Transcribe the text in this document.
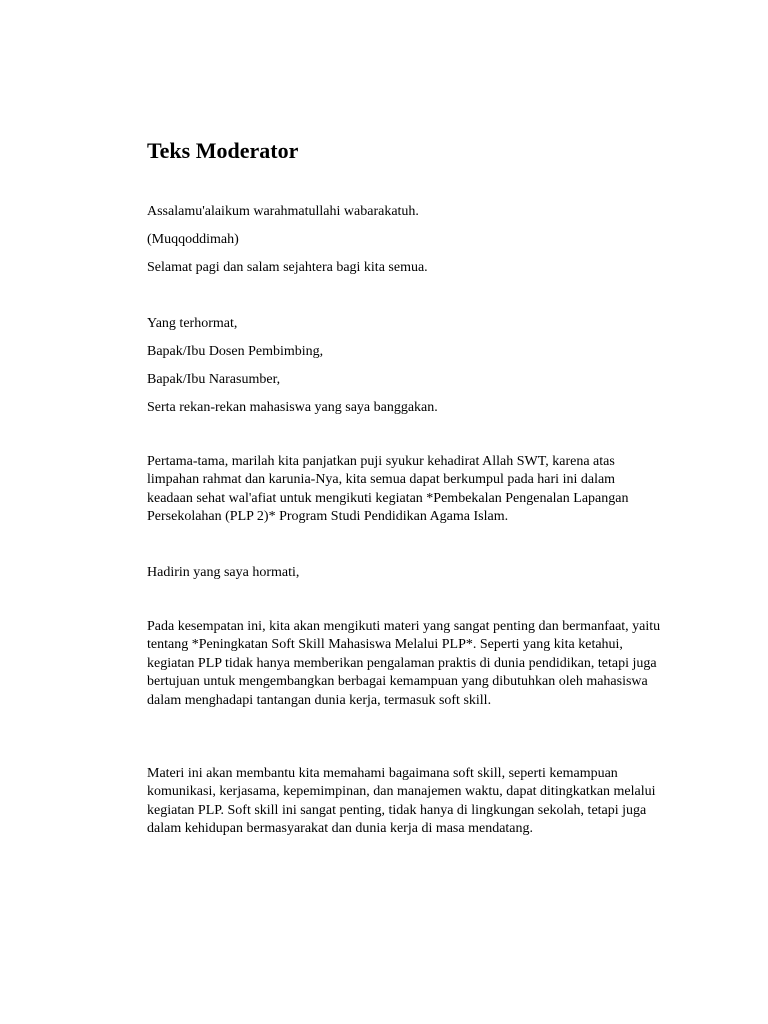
Teks Moderator

Assalamu'alaikum warahmatullahi wabarakatuh.

(Muqqoddimah)

Selamat pagi dan salam sejahtera bagi kita semua.

Yang terhormat,

Bapak/Ibu Dosen Pembimbing,

Bapak/Ibu Narasumber,

Serta rekan-rekan mahasiswa yang saya banggakan.

Pertama-tama, marilah kita panjatkan puji syukur kehadirat Allah SWT, karena atas limpahan rahmat dan karunia-Nya, kita semua dapat berkumpul pada hari ini dalam keadaan sehat wal'afiat untuk mengikuti kegiatan *Pembekalan Pengenalan Lapangan Persekolahan (PLP 2)* Program Studi Pendidikan Agama Islam.

Hadirin yang saya hormati,

Pada kesempatan ini, kita akan mengikuti materi yang sangat penting dan bermanfaat, yaitu tentang *Peningkatan Soft Skill Mahasiswa Melalui PLP*. Seperti yang kita ketahui, kegiatan PLP tidak hanya memberikan pengalaman praktis di dunia pendidikan, tetapi juga bertujuan untuk mengembangkan berbagai kemampuan yang dibutuhkan oleh mahasiswa dalam menghadapi tantangan dunia kerja, termasuk soft skill.

Materi ini akan membantu kita memahami bagaimana soft skill, seperti kemampuan komunikasi, kerjasama, kepemimpinan, dan manajemen waktu, dapat ditingkatkan melalui kegiatan PLP. Soft skill ini sangat penting, tidak hanya di lingkungan sekolah, tetapi juga dalam kehidupan bermasyarakat dan dunia kerja di masa mendatang.
